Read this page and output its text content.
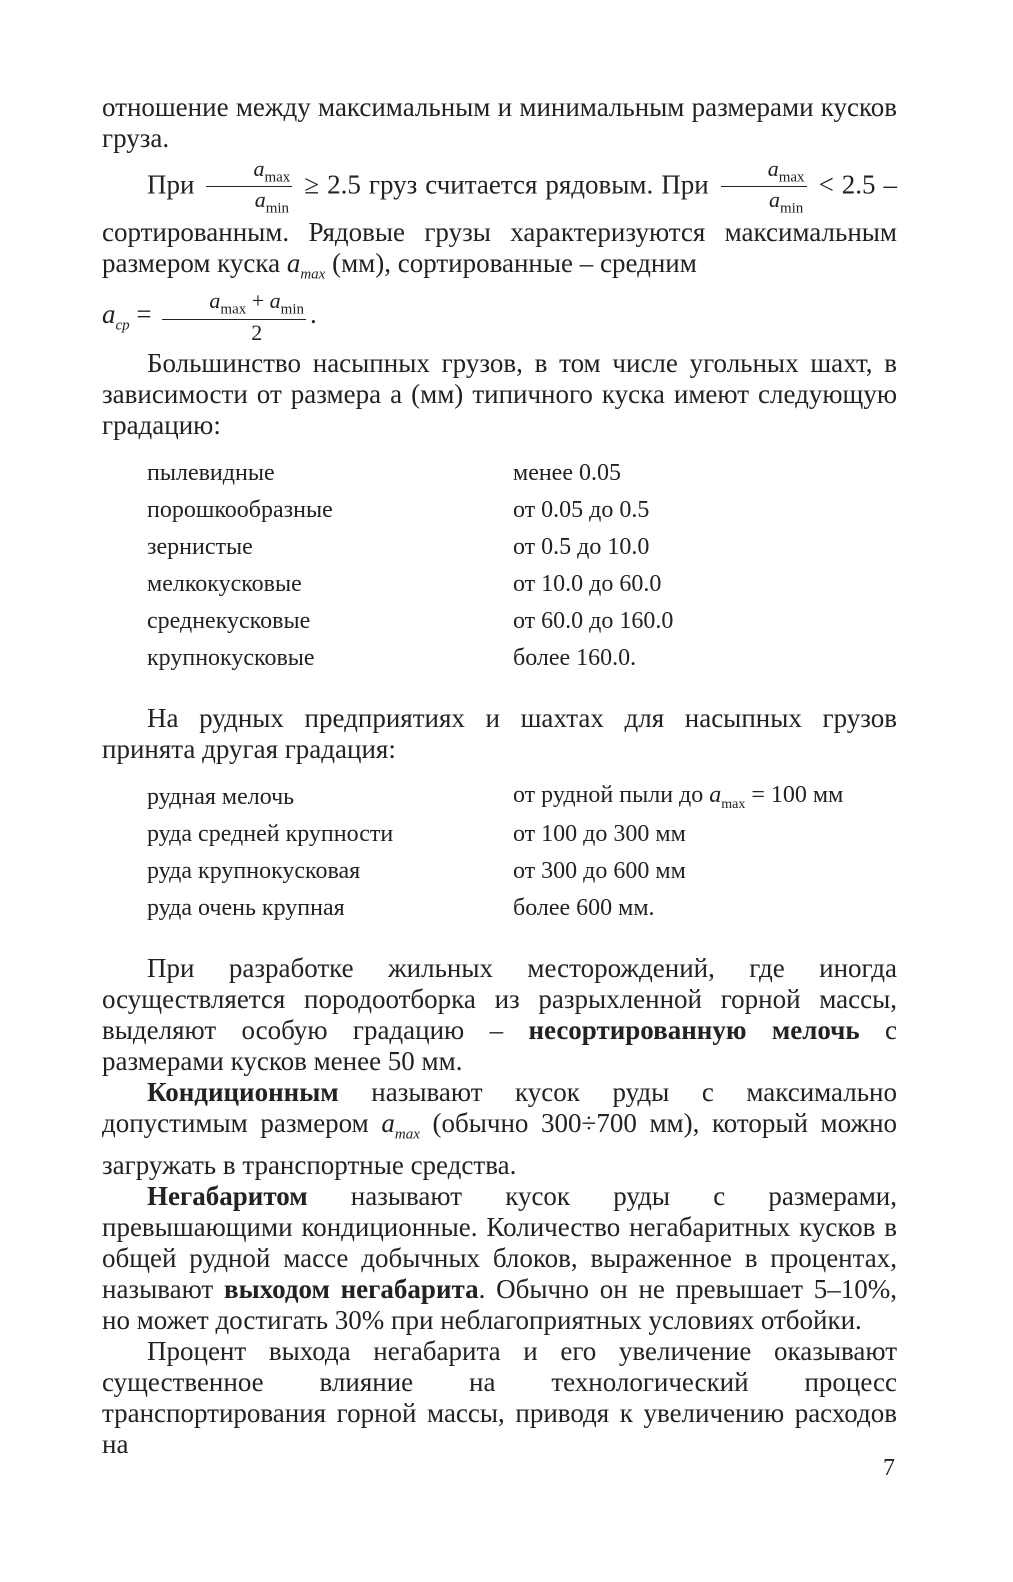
отношение между максимальным и минимальным размерами кусков груза.

При
$a_{max}$
$a_{min}$
≥ 2.5 груз считается рядовым. При
$a_{max}$
$a_{min}$
< 2.5 – сортированным. Рядовые грузы характеризуются максимальным размером куска $a_{max}$ (мм), сортированные – средним
$a_{ср}$ =	$a_{max} + a_{min}$
2
.

Большинство насыпных грузов, в том числе угольных шахт, в зависимости от размера a (мм) типичного куска имеют следующую градацию:

пылевидные	менее 0.05
порошкообразные	от 0.05 до 0.5
зернистые	от 0.5 до 10.0
мелкокусковые	от 10.0 до 60.0
среднекусковые	от 60.0 до 160.0
крупнокусковые	более 160.0.

На рудных предприятиях и шахтах для насыпных грузов принята другая градация:

рудная мелочь	от рудной пыли до $a_{max} = 100$ мм
руда средней крупности	от 100 до 300 мм
руда крупнокусковая	от 300 до 600 мм
руда очень крупная	более 600 мм.

При разработке жильных месторождений, где иногда осуществляется породоотборка из разрыхленной горной массы, выделяют особую градацию – несортированную мелочь с размерами кусков менее 50 мм.

Кондиционным называют кусок руды с максимально допустимым размером $a_{max}$ (обычно 300÷700 мм), который можно загружать в транспортные средства.

Негабаритом называют кусок руды с размерами, превышающими кондиционные. Количество негабаритных кусков в общей рудной массе добычных блоков, выраженное в процентах, называют выходом негабарита. Обычно он не превышает 5–10%, но может достигать 30% при неблагоприятных условиях отбойки.

Процент выхода негабарита и его увеличение оказывают существенное влияние на технологический процесс транспортирования горной массы, приводя к увеличению расходов на

7
